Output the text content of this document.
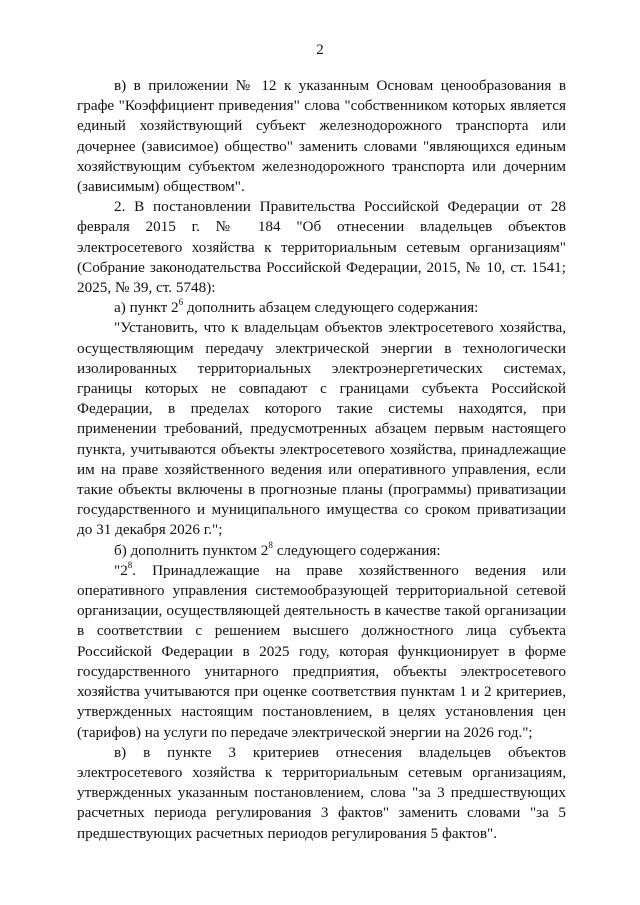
2

в) в приложении № 12 к указанным Основам ценообразования в графе "Коэффициент приведения" слова "собственником которых является единый хозяйствующий субъект железнодорожного транспорта или дочернее (зависимое) общество" заменить словами "являющихся единым хозяйствующим субъектом железнодорожного транспорта или дочерним (зависимым) обществом".

2. В постановлении Правительства Российской Федерации от 28 февраля 2015 г. № 184 "Об отнесении владельцев объектов электросетевого хозяйства к территориальным сетевым организациям" (Собрание законодательства Российской Федерации, 2015, № 10, ст. 1541; 2025, № 39, ст. 5748):

а) пункт $2^6$ дополнить абзацем следующего содержания:

"Установить, что к владельцам объектов электросетевого хозяйства, осуществляющим передачу электрической энергии в технологически изолированных территориальных электроэнергетических системах, границы которых не совпадают с границами субъекта Российской Федерации, в пределах которого такие системы находятся, при применении требований, предусмотренных абзацем первым настоящего пункта, учитываются объекты электросетевого хозяйства, принадлежащие им на праве хозяйственного ведения или оперативного управления, если такие объекты включены в прогнозные планы (программы) приватизации государственного и муниципального имущества со сроком приватизации до 31 декабря 2026 г.";

б) дополнить пунктом $2^8$ следующего содержания:

"$2^8$. Принадлежащие на праве хозяйственного ведения или оперативного управления системообразующей территориальной сетевой организации, осуществляющей деятельность в качестве такой организации в соответствии с решением высшего должностного лица субъекта Российской Федерации в 2025 году, которая функционирует в форме государственного унитарного предприятия, объекты электросетевого хозяйства учитываются при оценке соответствия пунктам 1 и 2 критериев, утвержденных настоящим постановлением, в целях установления цен (тарифов) на услуги по передаче электрической энергии на 2026 год.";

в) в пункте 3 критериев отнесения владельцев объектов электросетевого хозяйства к территориальным сетевым организациям, утвержденных указанным постановлением, слова "за 3 предшествующих расчетных периода регулирования 3 фактов" заменить словами "за 5 предшествующих расчетных периодов регулирования 5 фактов".
